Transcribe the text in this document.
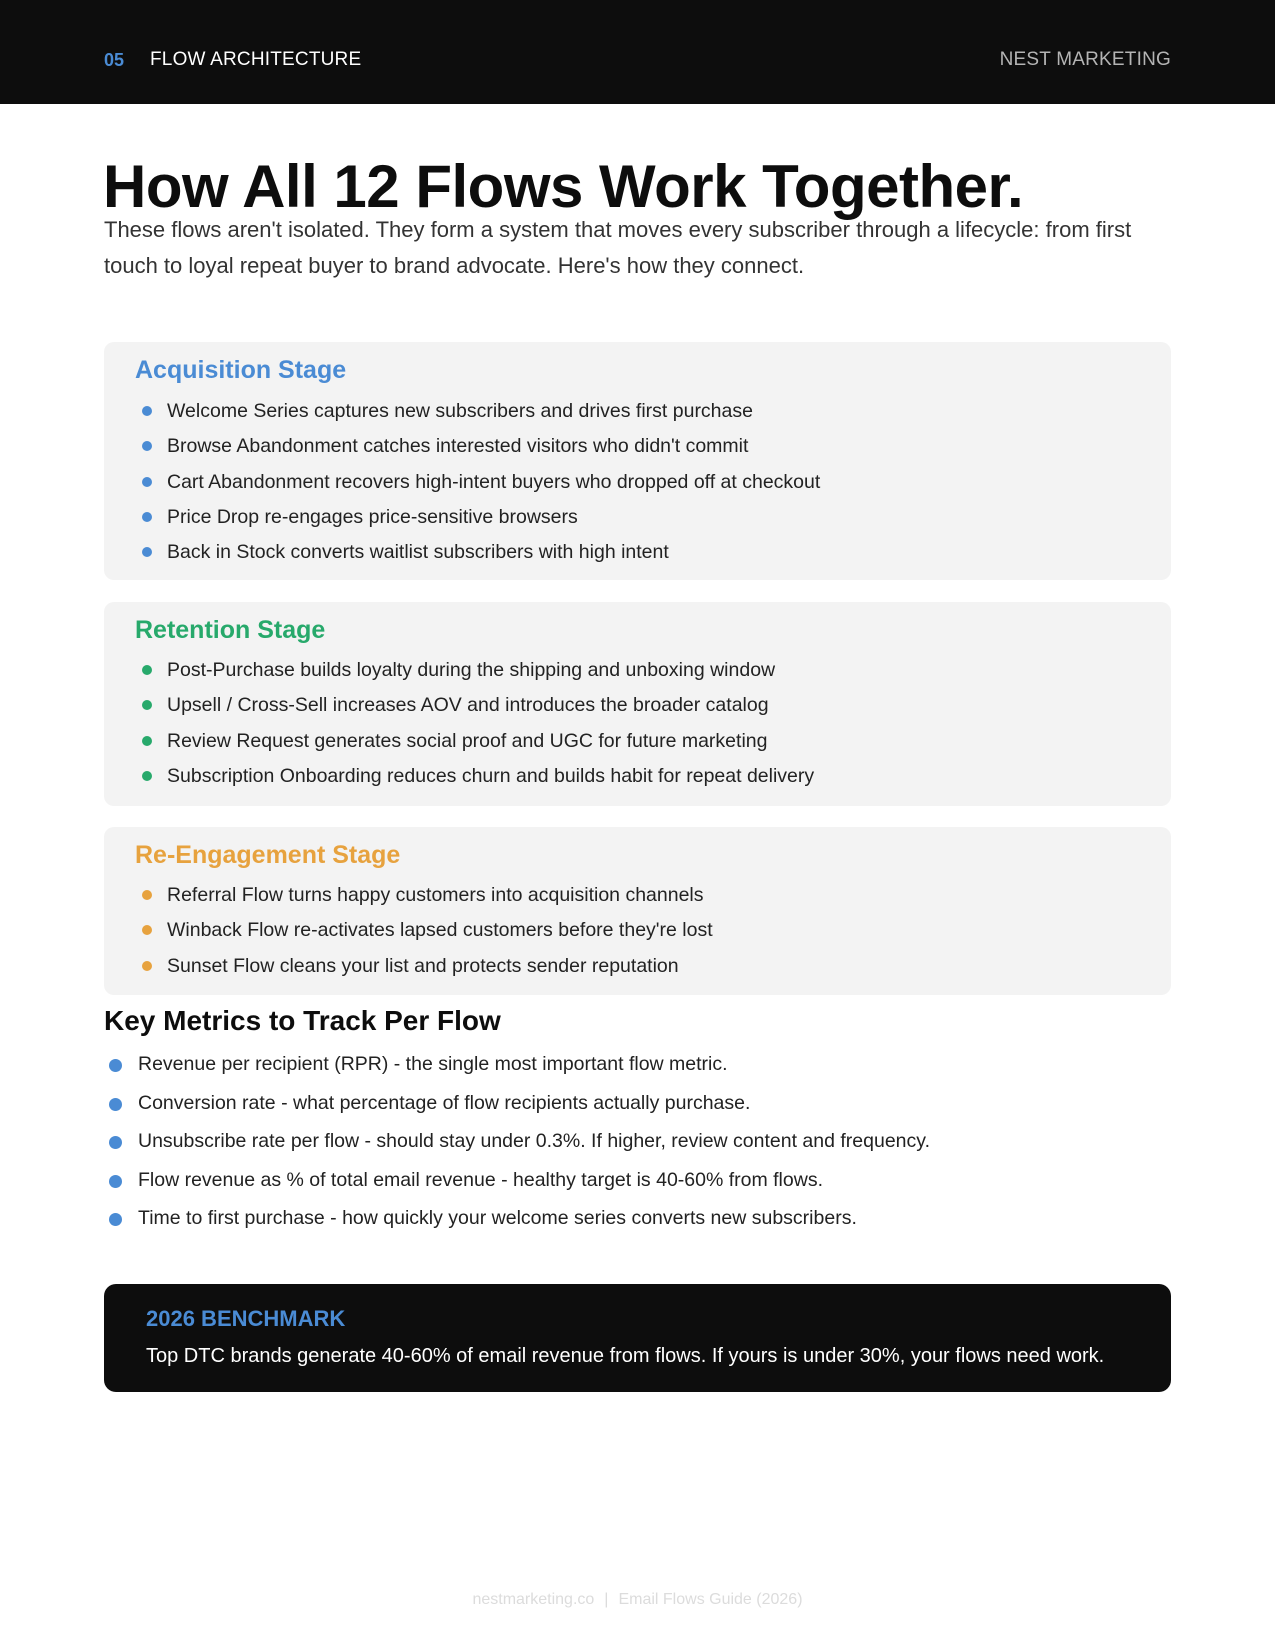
05 FLOW ARCHITECTURE	NEST MARKETING
How All 12 Flows Work Together.

These flows aren't isolated. They form a system that moves every subscriber through a lifecycle: from first touch to loyal repeat buyer to brand advocate. Here's how they connect.

Acquisition Stage
Welcome Series captures new subscribers and drives first purchase
Browse Abandonment catches interested visitors who didn't commit
Cart Abandonment recovers high-intent buyers who dropped off at checkout
Price Drop re-engages price-sensitive browsers
Back in Stock converts waitlist subscribers with high intent
Retention Stage
Post-Purchase builds loyalty during the shipping and unboxing window
Upsell / Cross-Sell increases AOV and introduces the broader catalog
Review Request generates social proof and UGC for future marketing
Subscription Onboarding reduces churn and builds habit for repeat delivery
Re-Engagement Stage
Referral Flow turns happy customers into acquisition channels
Winback Flow re-activates lapsed customers before they're lost
Sunset Flow cleans your list and protects sender reputation
Key Metrics to Track Per Flow
Revenue per recipient (RPR) - the single most important flow metric.
Conversion rate - what percentage of flow recipients actually purchase.
Unsubscribe rate per flow - should stay under 0.3%. If higher, review content and frequency.
Flow revenue as % of total email revenue - healthy target is 40-60% from flows.
Time to first purchase - how quickly your welcome series converts new subscribers.
2026 BENCHMARK
Top DTC brands generate 40-60% of email revenue from flows. If yours is under 30%, your flows need work.
nestmarketing.co | Email Flows Guide (2026)
